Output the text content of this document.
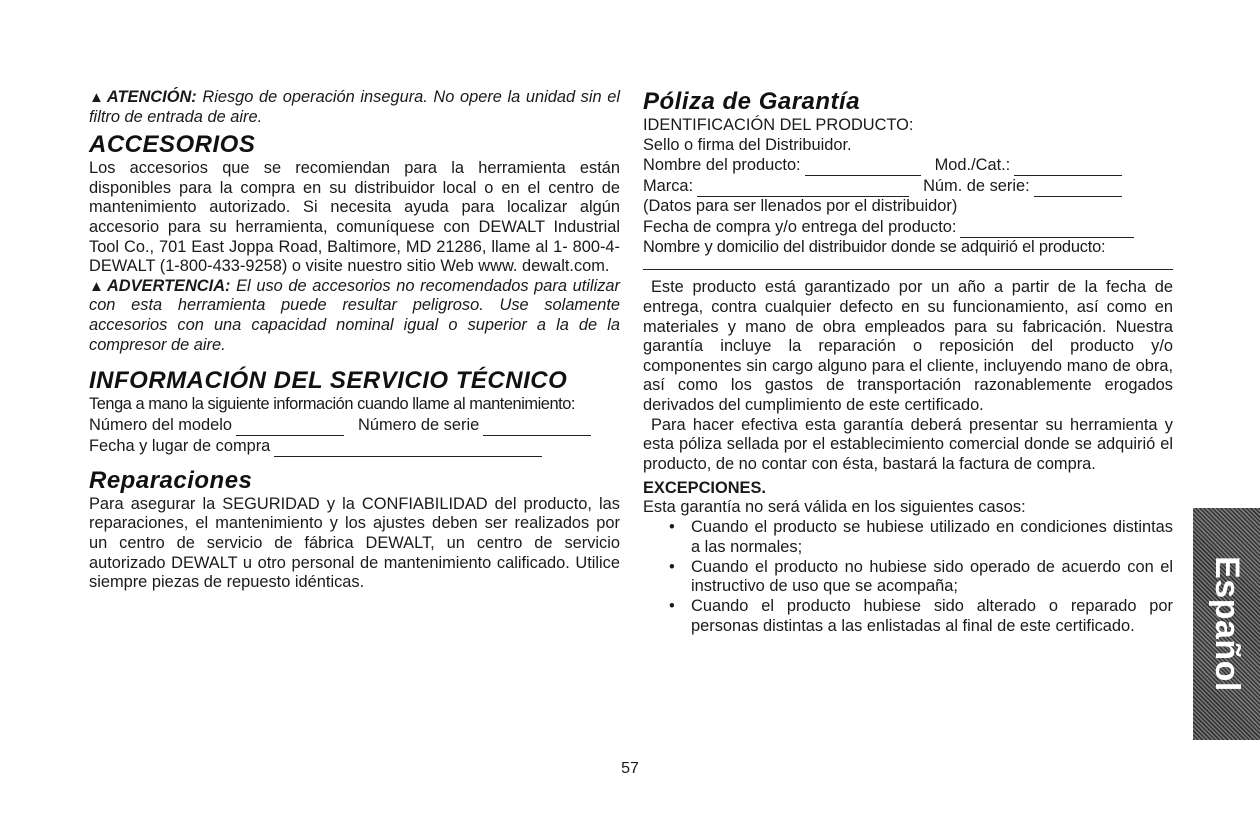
▲ ATENCIÓN: Riesgo de operación insegura. No opere la unidad sin el filtro de entrada de aire.

ACCESORIOS

Los accesorios que se recomiendan para la herramienta están disponibles para la compra en su distribuidor local o en el centro de mantenimiento autorizado. Si necesita ayuda para localizar algún accesorio para su herramienta, comuníquese con DEWALT Industrial Tool Co., 701 East Joppa Road, Baltimore, MD 21286, llame al 1- 800-4-DEWALT (1-800-433-9258) o visite nuestro sitio Web www. dewalt.com.

▲ ADVERTENCIA: El uso de accesorios no recomendados para utilizar con esta herramienta puede resultar peligroso. Use solamente accesorios con una capacidad nominal igual o superior a la de la compresor de aire.

INFORMACIÓN DEL SERVICIO TÉCNICO

Tenga a mano la siguiente información cuando llame al mantenimiento:

Número del modelo	Número de serie
Fecha y lugar de compra
Reparaciones

Para asegurar la SEGURIDAD y la CONFIABILIDAD del producto, las reparaciones, el mantenimiento y los ajustes deben ser realizados por un centro de servicio de fábrica DEWALT, un centro de servicio autorizado DEWALT u otro personal de mantenimiento calificado. Utilice siempre piezas de repuesto idénticas.

Póliza de Garantía

IDENTIFICACIÓN DEL PRODUCTO:

Sello o firma del Distribuidor.

Nombre del producto:	Mod./Cat.:
Marca:	Núm. de serie:

(Datos para ser llenados por el distribuidor)

Fecha de compra y/o entrega del producto:

Nombre y domicilio del distribuidor donde se adquirió el producto:

Este producto está garantizado por un año a partir de la fecha de entrega, contra cualquier defecto en su funcionamiento, así como en materiales y mano de obra empleados para su fabricación. Nuestra garantía incluye la reparación o reposición del producto y/o componentes sin cargo alguno para el cliente, incluyendo mano de obra, así como los gastos de transportación razonablemente erogados derivados del cumplimiento de este certificado.

Para hacer efectiva esta garantía deberá presentar su herramienta y esta póliza sellada por el establecimiento comercial donde se adquirió el producto, de no contar con ésta, bastará la factura de compra.

EXCEPCIONES.

Esta garantía no será válida en los siguientes casos:

• Cuando el producto se hubiese utilizado en condiciones distintas a las normales;
• Cuando el producto no hubiese sido operado de acuerdo con el instructivo de uso que se acompaña;
• Cuando el producto hubiese sido alterado o reparado por personas distintas a las enlistadas al final de este certificado.	Español
57
